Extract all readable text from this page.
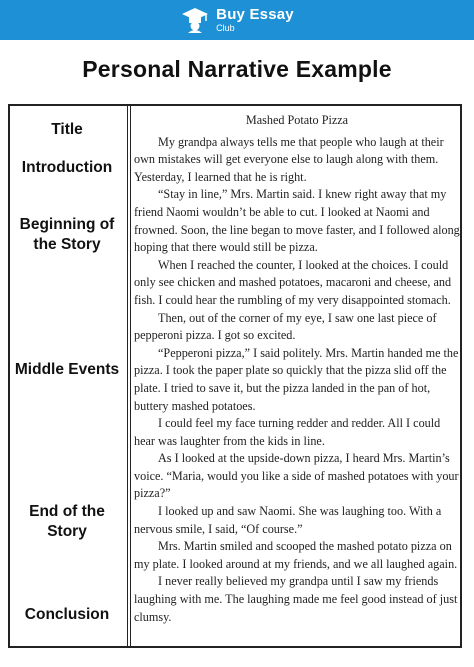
Buy Essay
Club
Personal Narrative Example
Title
Introduction
Beginning of
the Story
Middle Events
End of the
Story
Conclusion
Mashed Potato Pizza

My grandpa always tells me that people who laugh at their own mistakes will get everyone else to laugh along with them. Yesterday, I learned that he is right.

“Stay in line,” Mrs. Martin said. I knew right away that my friend Naomi wouldn’t be able to cut. I looked at Naomi and frowned. Soon, the line began to move faster, and I followed along hoping that there would still be pizza.

When I reached the counter, I looked at the choices. I could only see chicken and mashed potatoes, macaroni and cheese, and fish. I could hear the rumbling of my very disappointed stomach.

Then, out of the corner of my eye, I saw one last piece of pepperoni pizza. I got so excited.

“Pepperoni pizza,” I said politely. Mrs. Martin handed me the pizza. I took the paper plate so quickly that the pizza slid off the plate. I tried to save it, but the pizza landed in the pan of hot, buttery mashed potatoes.

I could feel my face turning redder and redder. All I could hear was laughter from the kids in line.

As I looked at the upside-down pizza, I heard Mrs. Martin’s voice. “Maria, would you like a side of mashed potatoes with your pizza?”

I looked up and saw Naomi. She was laughing too. With a nervous smile, I said, “Of course.”

Mrs. Martin smiled and scooped the mashed potato pizza on my plate. I looked around at my friends, and we all laughed again.

I never really believed my grandpa until I saw my friends laughing with me. The laughing made me feel good instead of just clumsy.
